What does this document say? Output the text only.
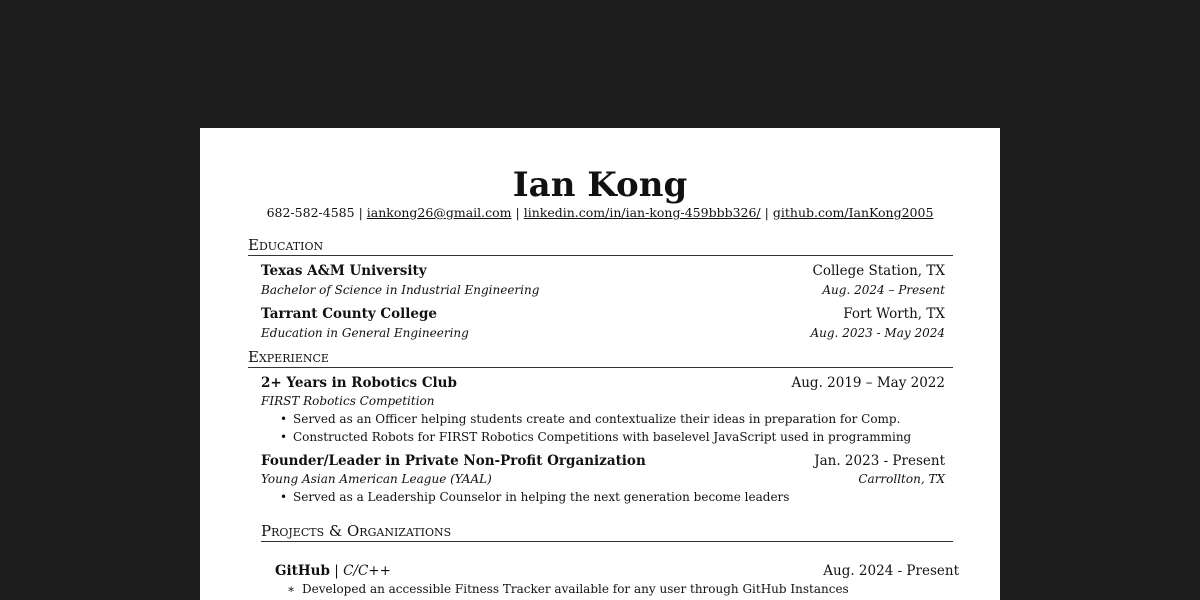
Ian Kong
682-582-4585 | iankong26@gmail.com | linkedin.com/in/ian-kong-459bbb326/ | github.com/IanKong2005
Education
Texas A&M University	College Station, TX
Bachelor of Science in Industrial Engineering	Aug. 2024 – Present
Tarrant County College	Fort Worth, TX
Education in General Engineering	Aug. 2023 - May 2024
Experience
2+ Years in Robotics Club	Aug. 2019 – May 2022
FIRST Robotics Competition
• Served as an Officer helping students create and contextualize their ideas in preparation for Comp.
• Constructed Robots for FIRST Robotics Competitions with baselevel JavaScript used in programming
Founder/Leader in Private Non-Profit Organization	Jan. 2023 - Present
Young Asian American League (YAAL)	Carrollton, TX
• Served as a Leadership Counselor in helping the next generation become leaders
Projects & Organizations
GitHub | C/C++	Aug. 2024 - Present
∗ Developed an accessible Fitness Tracker available for any user through GitHub Instances
